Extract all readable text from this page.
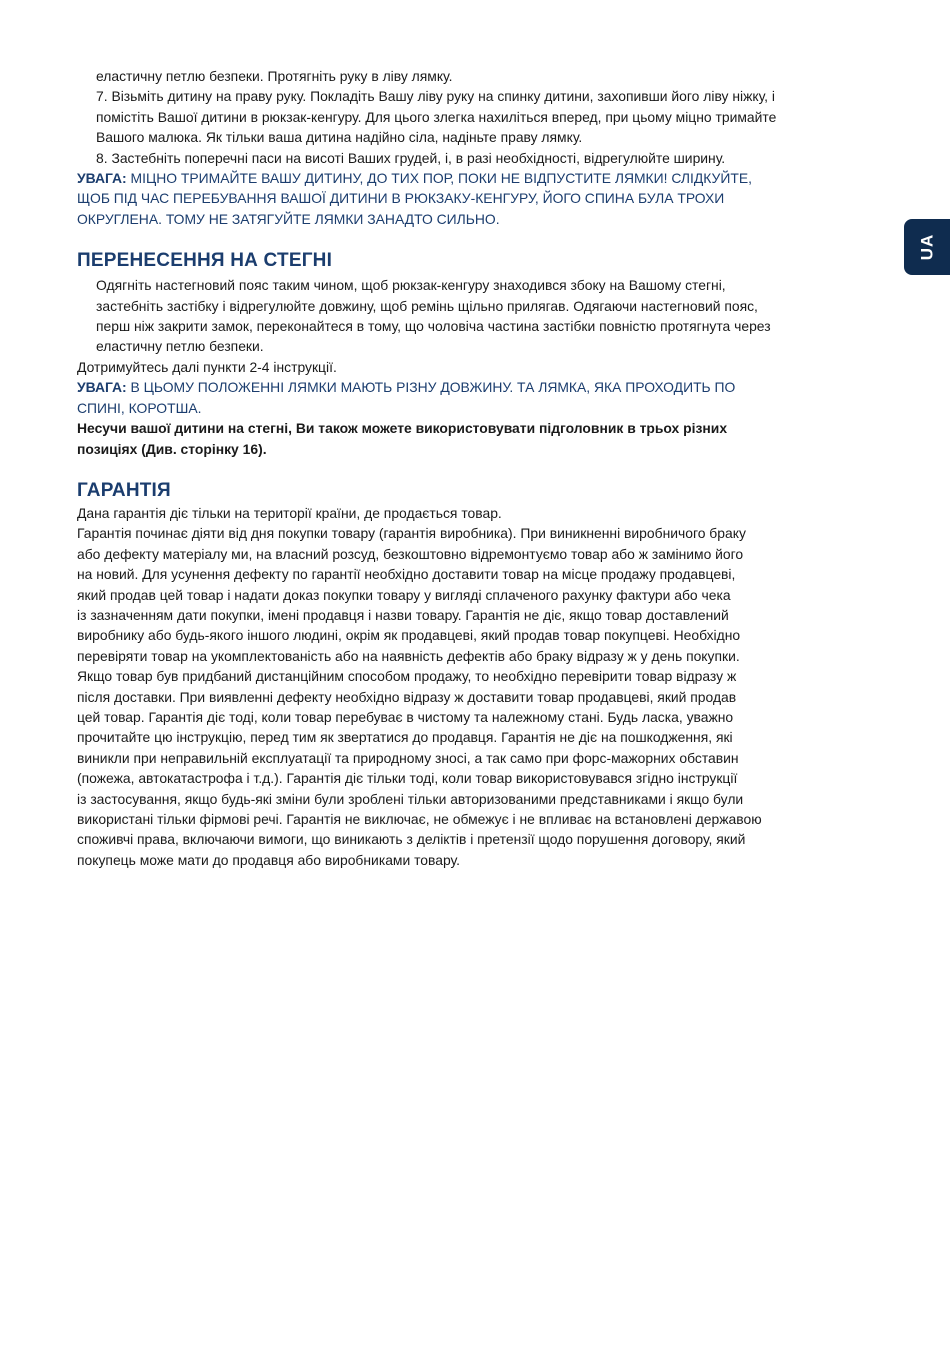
UA

еластичну петлю безпеки. Протягніть руку в ліву лямку.

7. Візьміть дитину на праву руку. Покладіть Вашу ліву руку на спинку дитини, захопивши його ліву ніжку, і

помістіть Вашої дитини в рюкзак-кенгуру. Для цього злегка нахиліться вперед, при цьому міцно тримайте

Вашого малюка. Як тільки ваша дитина надійно сіла, надіньте праву лямку.

8. Застебніть поперечні паси на висоті Ваших грудей, і, в разі необхідності, відрегулюйте ширину.

УВАГА: МІЦНО ТРИМАЙТЕ ВАШУ ДИТИНУ, ДО ТИХ ПОР, ПОКИ НЕ ВІДПУСТИТЕ ЛЯМКИ! СЛІДКУЙТЕ,

ЩОБ ПІД ЧАС ПЕРЕБУВАННЯ ВАШОЇ ДИТИНИ В РЮКЗАКУ-КЕНГУРУ, ЙОГО СПИНА БУЛА ТРОХИ

ОКРУГЛЕНА. ТОМУ НЕ ЗАТЯГУЙТЕ ЛЯМКИ ЗАНАДТО СИЛЬНО.

ПЕРЕНЕСЕННЯ НА СТЕГНІ

Одягніть настегновий пояс таким чином, щоб рюкзак-кенгуру знаходився збоку на Вашому стегні,

застебніть застібку і відрегулюйте довжину, щоб ремінь щільно прилягав. Одягаючи настегновий пояс,

перш ніж закрити замок, переконайтеся в тому, що чоловіча частина застібки повністю протягнута через

еластичну петлю безпеки.

Дотримуйтесь далі пункти 2-4 інструкції.

УВАГА: В ЦЬОМУ ПОЛОЖЕННІ ЛЯМКИ МАЮТЬ РІЗНУ ДОВЖИНУ. ТА ЛЯМКА, ЯКА ПРОХОДИТЬ ПО

СПИНІ, КОРОТША.

Несучи вашої дитини на стегні, Ви також можете використовувати підголовник в трьох різних

позиціях (Див. сторінку 16).

ГАРАНТІЯ

Дана гарантія діє тільки на території країни, де продається товар.

Гарантія починає діяти від дня покупки товару (гарантія виробника). При виникненні виробничого браку

або дефекту матеріалу ми, на власний розсуд, безкоштовно відремонтуємо товар або ж замінимо його

на новий. Для усунення дефекту по гарантії необхідно доставити товар на місце продажу продавцеві,

який продав цей товар і надати доказ покупки товару у вигляді сплаченого рахунку фактури або чека

із зазначенням дати покупки, імені продавця і назви товару. Гарантія не діє, якщо товар доставлений

виробнику або будь-якого іншого людині, окрім як продавцеві, який продав товар покупцеві. Необхідно

перевіряти товар на укомплектованість або на наявність дефектів або браку відразу ж у день покупки.

Якщо товар був придбаний дистанційним способом продажу, то необхідно перевірити товар відразу ж

після доставки. При виявленні дефекту необхідно відразу ж доставити товар продавцеві, який продав

цей товар. Гарантія діє тоді, коли товар перебуває в чистому та належному стані. Будь ласка, уважно

прочитайте цю інструкцію, перед тим як звертатися до продавця. Гарантія не діє на пошкодження, які

виникли при неправильній експлуатації та природному зносі, а так само при форс-мажорних обставин

(пожежа, автокатастрофа і т.д.). Гарантія діє тільки тоді, коли товар використовувався згідно інструкції

із застосування, якщо будь-які зміни були зроблені тільки авторизованими представниками і якщо були

використані тільки фірмові речі. Гарантія не виключає, не обмежує і не впливає на встановлені державою

споживчі права, включаючи вимоги, що виникають з деліктів і претензії щодо порушення договору, який

покупець може мати до продавця або виробниками товару.
